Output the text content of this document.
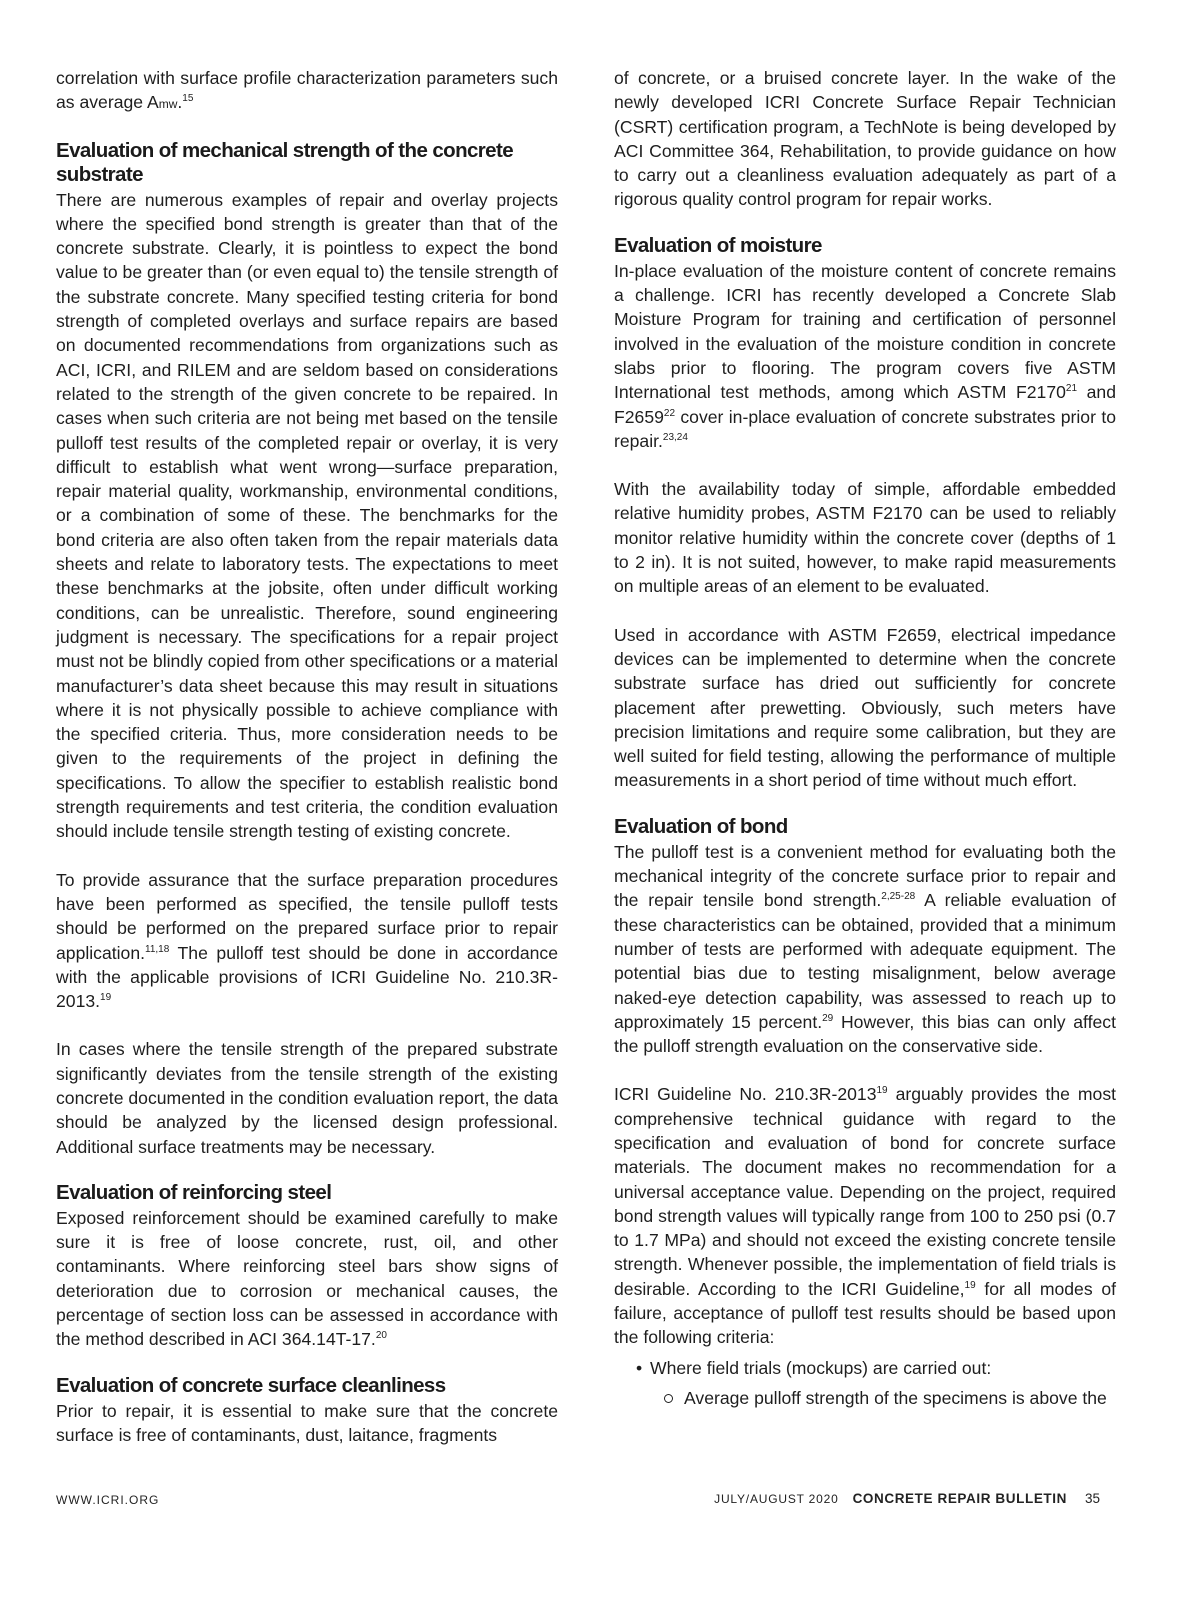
correlation with surface profile characterization parameters such as average Amw.$^{15}$

Evaluation of mechanical strength of the concrete substrate

There are numerous examples of repair and overlay projects where the specified bond strength is greater than that of the concrete substrate. Clearly, it is pointless to expect the bond value to be greater than (or even equal to) the tensile strength of the substrate concrete. Many specified testing criteria for bond strength of completed overlays and surface repairs are based on documented recommendations from organizations such as ACI, ICRI, and RILEM and are seldom based on considerations related to the strength of the given concrete to be repaired. In cases when such criteria are not being met based on the tensile pulloff test results of the completed repair or overlay, it is very difficult to establish what went wrong—surface preparation, repair material quality, workmanship, environmental conditions, or a combination of some of these. The benchmarks for the bond criteria are also often taken from the repair materials data sheets and relate to laboratory tests. The expectations to meet these benchmarks at the jobsite, often under difficult working conditions, can be unrealistic. Therefore, sound engineering judgment is necessary. The specifications for a repair project must not be blindly copied from other specifications or a material manufacturer’s data sheet because this may result in situations where it is not physically possible to achieve compliance with the specified criteria. Thus, more consideration needs to be given to the requirements of the project in defining the specifications. To allow the specifier to establish realistic bond strength requirements and test criteria, the condition evaluation should include tensile strength testing of existing concrete.

To provide assurance that the surface preparation procedures have been performed as specified, the tensile pulloff tests should be performed on the prepared surface prior to repair application.$^{11,18}$ The pulloff test should be done in accordance with the applicable provisions of ICRI Guideline No. 210.3R-2013.19

In cases where the tensile strength of the prepared substrate significantly deviates from the tensile strength of the existing concrete documented in the condition evaluation report, the data should be analyzed by the licensed design professional. Additional surface treatments may be necessary.

Evaluation of reinforcing steel

Exposed reinforcement should be examined carefully to make sure it is free of loose concrete, rust, oil, and other contaminants. Where reinforcing steel bars show signs of deterioration due to corrosion or mechanical causes, the percentage of section loss can be assessed in accordance with the method described in ACI 364.14T-17.20

Evaluation of concrete surface cleanliness

Prior to repair, it is essential to make sure that the concrete surface is free of contaminants, dust, laitance, fragments

of concrete, or a bruised concrete layer. In the wake of the newly developed ICRI Concrete Surface Repair Technician (CSRT) certification program, a TechNote is being developed by ACI Committee 364, Rehabilitation, to provide guidance on how to carry out a cleanliness evaluation adequately as part of a rigorous quality control program for repair works.

Evaluation of moisture

In-place evaluation of the moisture content of concrete remains a challenge. ICRI has recently developed a Concrete Slab Moisture Program for training and certification of personnel involved in the evaluation of the moisture condition in concrete slabs prior to flooring. The program covers five ASTM International test methods, among which ASTM F2170$^{21}$ and F2659$^{22}$ cover in-place evaluation of concrete substrates prior to repair.$^{23,24}$

With the availability today of simple, affordable embedded relative humidity probes, ASTM F2170 can be used to reliably monitor relative humidity within the concrete cover (depths of 1 to 2 in). It is not suited, however, to make rapid measurements on multiple areas of an element to be evaluated.

Used in accordance with ASTM F2659, electrical impedance devices can be implemented to determine when the concrete substrate surface has dried out sufficiently for concrete placement after prewetting. Obviously, such meters have precision limitations and require some calibration, but they are well suited for field testing, allowing the performance of multiple measurements in a short period of time without much effort.

Evaluation of bond

The pulloff test is a convenient method for evaluating both the mechanical integrity of the concrete surface prior to repair and the repair tensile bond strength.$^{2,25-28}$ A reliable evaluation of these characteristics can be obtained, provided that a minimum number of tests are performed with adequate equipment. The potential bias due to testing misalignment, below average naked-eye detection capability, was assessed to reach up to approximately 15 percent.$^{29}$ However, this bias can only affect the pulloff strength evaluation on the conservative side.

ICRI Guideline No. 210.3R-2013$^{19}$ arguably provides the most comprehensive technical guidance with regard to the specification and evaluation of bond for concrete surface materials. The document makes no recommendation for a universal acceptance value. Depending on the project, required bond strength values will typically range from 100 to 250 psi (0.7 to 1.7 MPa) and should not exceed the existing concrete tensile strength. Whenever possible, the implementation of field trials is desirable. According to the ICRI Guideline,$^{19}$ for all modes of failure, acceptance of pulloff test results should be based upon the following criteria:

• Where field trials (mockups) are carried out:
Average pulloff strength of the specimens is above the
WWW.ICRI.ORG	JULY/AUGUST 2020 CONCRETE REPAIR BULLETIN 35
